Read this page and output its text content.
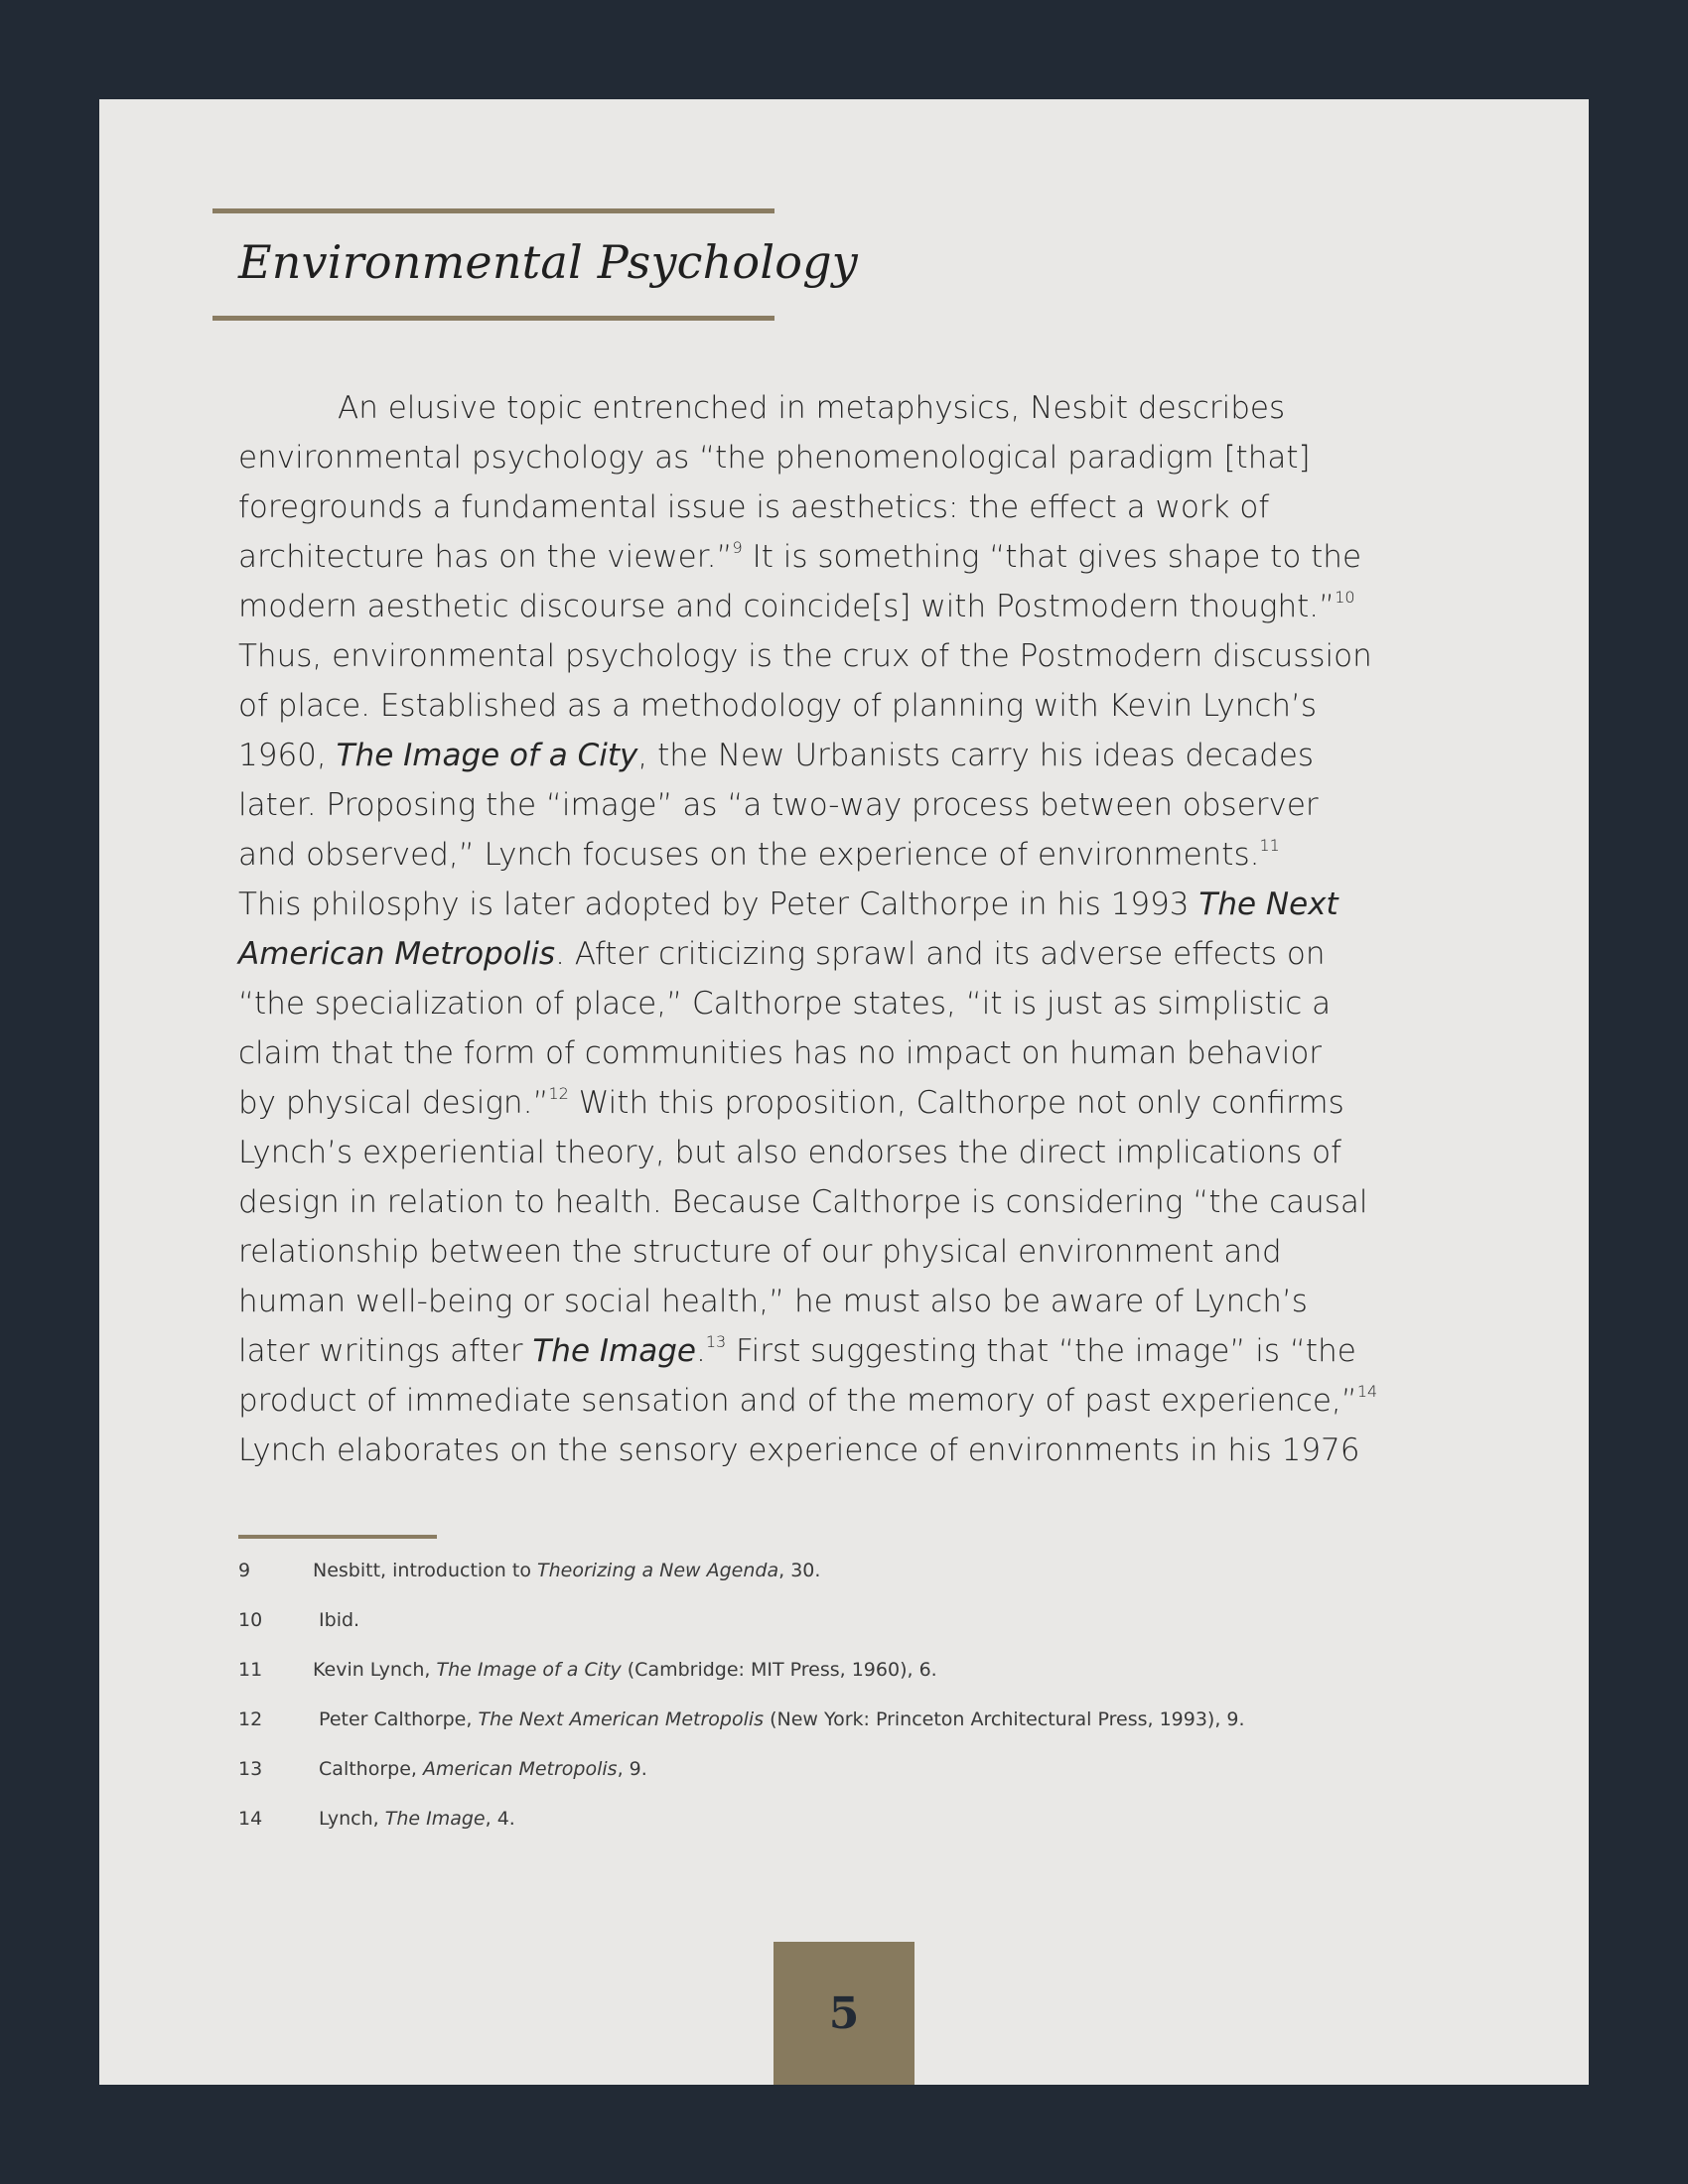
Environmental Psychology
An elusive topic entrenched in metaphysics, Nesbit describes
environmental psychology as “the phenomenological paradigm [that]
foregrounds a fundamental issue is aesthetics: the effect a work of
architecture has on the viewer.”$^9$ It is something “that gives shape to the
modern aesthetic discourse and coincide[s] with Postmodern thought.”$^{10}$
Thus, environmental psychology is the crux of the Postmodern discussion
of place. Established as a methodology of planning with Kevin Lynch’s
1960, The Image of a City, the New Urbanists carry his ideas decades
later. Proposing the “image” as “a two-way process between observer
and observed,” Lynch focuses on the experience of environments.$^{11}$
This philosphy is later adopted by Peter Calthorpe in his 1993 The Next
American Metropolis. After criticizing sprawl and its adverse effects on
“the specialization of place,” Calthorpe states, “it is just as simplistic a
claim that the form of communities has no impact on human behavior
by physical design.”$^{12}$ With this proposition, Calthorpe not only confirms
Lynch’s experiential theory, but also endorses the direct implications of
design in relation to health. Because Calthorpe is considering “the causal
relationship between the structure of our physical environment and
human well-being or social health,” he must also be aware of Lynch’s
later writings after The Image.$^{13}$ First suggesting that “the image” is “the
product of immediate sensation and of the memory of past experience,”$^{14}$
Lynch elaborates on the sensory experience of environments in his 1976
9	Nesbitt, introduction to Theorizing a New Agenda, 30.
10	Ibid.
11	Kevin Lynch, The Image of a City (Cambridge: MIT Press, 1960), 6.
12	Peter Calthorpe, The Next American Metropolis (New York: Princeton Architectural Press, 1993), 9.
13	Calthorpe, American Metropolis, 9.
14	Lynch, The Image, 4.
5
